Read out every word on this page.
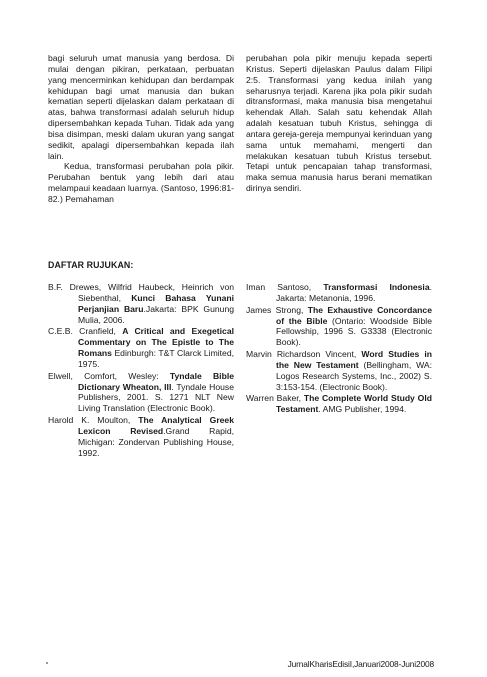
bagi seluruh umat manusia yang berdosa. Di mulai dengan pikiran, perkataan, perbuatan yang mencerminkan kehidupan dan berdampak kehidupan bagi umat manusia dan bukan kematian seperti dijelaskan dalam perkataan di atas, bahwa transformasi adalah seluruh hidup dipersembahkan kepada Tuhan. Tidak ada yang bisa disimpan, meski dalam ukuran yang sangat sedikit, apalagi dipersembahkan kepada ilah lain.

Kedua, transformasi perubahan pola pikir. Perubahan bentuk yang lebih dari atau melampaui keadaan luarnya. (Santoso, 1996:81-82.) Pemahaman

perubahan pola pikir menuju kepada seperti Kristus. Seperti dijelaskan Paulus dalam Filipi 2:5. Transformasi yang kedua inilah yang seharusnya terjadi. Karena jika pola pikir sudah ditransformasi, maka manusia bisa mengetahui kehendak Allah. Salah satu kehendak Allah adalah kesatuan tubuh Kristus, sehingga di antara gereja-gereja mempunyai kerinduan yang sama untuk memahami, mengerti dan melakukan kesatuan tubuh Kristus tersebut. Tetapi untuk pencapaian tahap transformasi, maka semua manusia harus berani mematikan dirinya sendiri.

DAFTAR RUJUKAN:

B.F. Drewes, Wilfrid Haubeck, Heinrich von Siebenthal, Kunci Bahasa Yunani Perjanjian Baru.Jakarta: BPK Gunung Mulia, 2006.

C.E.B. Cranfield, A Critical and Exegetical Commentary on The Epistle to The Romans Edinburgh: T&T Clarck Limited, 1975.

Elwell, Comfort, Wesley: Tyndale Bible Dictionary Wheaton, III. Tyndale House Publishers, 2001. S. 1271 NLT New Living Translation (Electronic Book).

Harold K. Moulton, The Analytical Greek Lexicon Revised.Grand Rapid, Michigan: Zondervan Publishing House, 1992.

Iman Santoso, Transformasi Indonesia. Jakarta: Metanonia, 1996.

James Strong, The Exhaustive Concordance of the Bible (Ontario: Woodside Bible Fellowship, 1996 S. G3338 (Electronic Book).

Marvin Richardson Vincent, Word Studies in the New Testament (Bellingham, WA: Logos Research Systems, Inc., 2002) S. 3:153-154. (Electronic Book).

Warren Baker, The Complete World Study Old Testament. AMG Publisher, 1994.

JurnalKharisEdisiI,Januari2008-Juni2008
